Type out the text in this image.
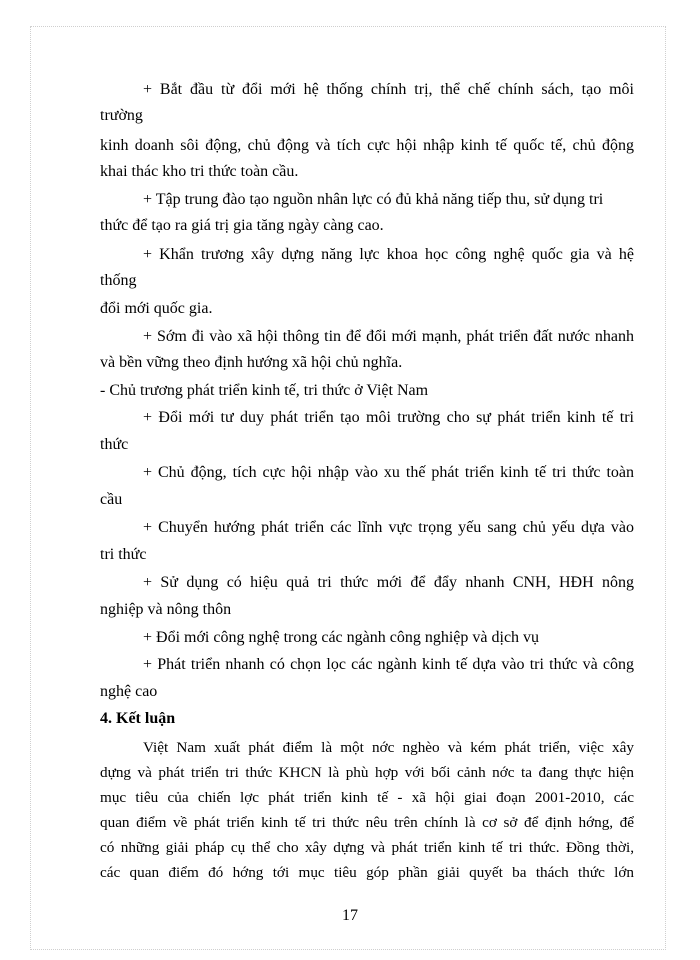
+ Bắt đầu từ đổi mới hệ thống chính trị, thể chế chính sách, tạo môi
trường
kinh doanh sôi động, chủ động và tích cực hội nhập kinh tế quốc tế, chủ động
khai thác kho tri thức toàn cầu.
+ Tập trung đào tạo nguồn nhân lực có đủ khả năng tiếp thu, sử dụng tri
thức để tạo ra giá trị gia tăng ngày càng cao.
+ Khẩn trương xây dựng năng lực khoa học công nghệ quốc gia và hệ
thống
đổi mới quốc gia.
+ Sớm đi vào xã hội thông tin để đổi mới mạnh, phát triển đất nước nhanh
và bền vững theo định hướng xã hội chủ nghĩa.
- Chủ trương phát triển kinh tế, tri thức ở Việt Nam
+ Đổi mới tư duy phát triển tạo môi trường cho sự phát triển kinh tế tri
thức
+ Chủ động, tích cực hội nhập vào xu thế phát triển kinh tế tri thức toàn
cầu
+ Chuyển hướng phát triển các lĩnh vực trọng yếu sang chủ yếu dựa vào
tri thức
+ Sử dụng có hiệu quả tri thức mới để đẩy nhanh CNH, HĐH nông
nghiệp và nông thôn
+ Đổi mới công nghệ trong các ngành công nghiệp và dịch vụ
+ Phát triển nhanh có chọn lọc các ngành kinh tế dựa vào tri thức và công
nghệ cao
4. Kết luận
Việt Nam xuất phát điểm là một nớc nghèo và kém phát triển, việc xây
dựng và phát triển tri thức KHCN là phù hợp với bối cảnh nớc ta đang thực hiện
mục tiêu của chiến lợc phát triển kinh tế - xã hội giai đoạn 2001-2010, các
quan điểm về phát triển kinh tế tri thức nêu trên chính là cơ sở để định hớng, để
có những giải pháp cụ thể cho xây dựng và phát triển kinh tế tri thức. Đồng thời,
các quan điểm đó hớng tới mục tiêu góp phần giải quyết ba thách thức lớn
17
